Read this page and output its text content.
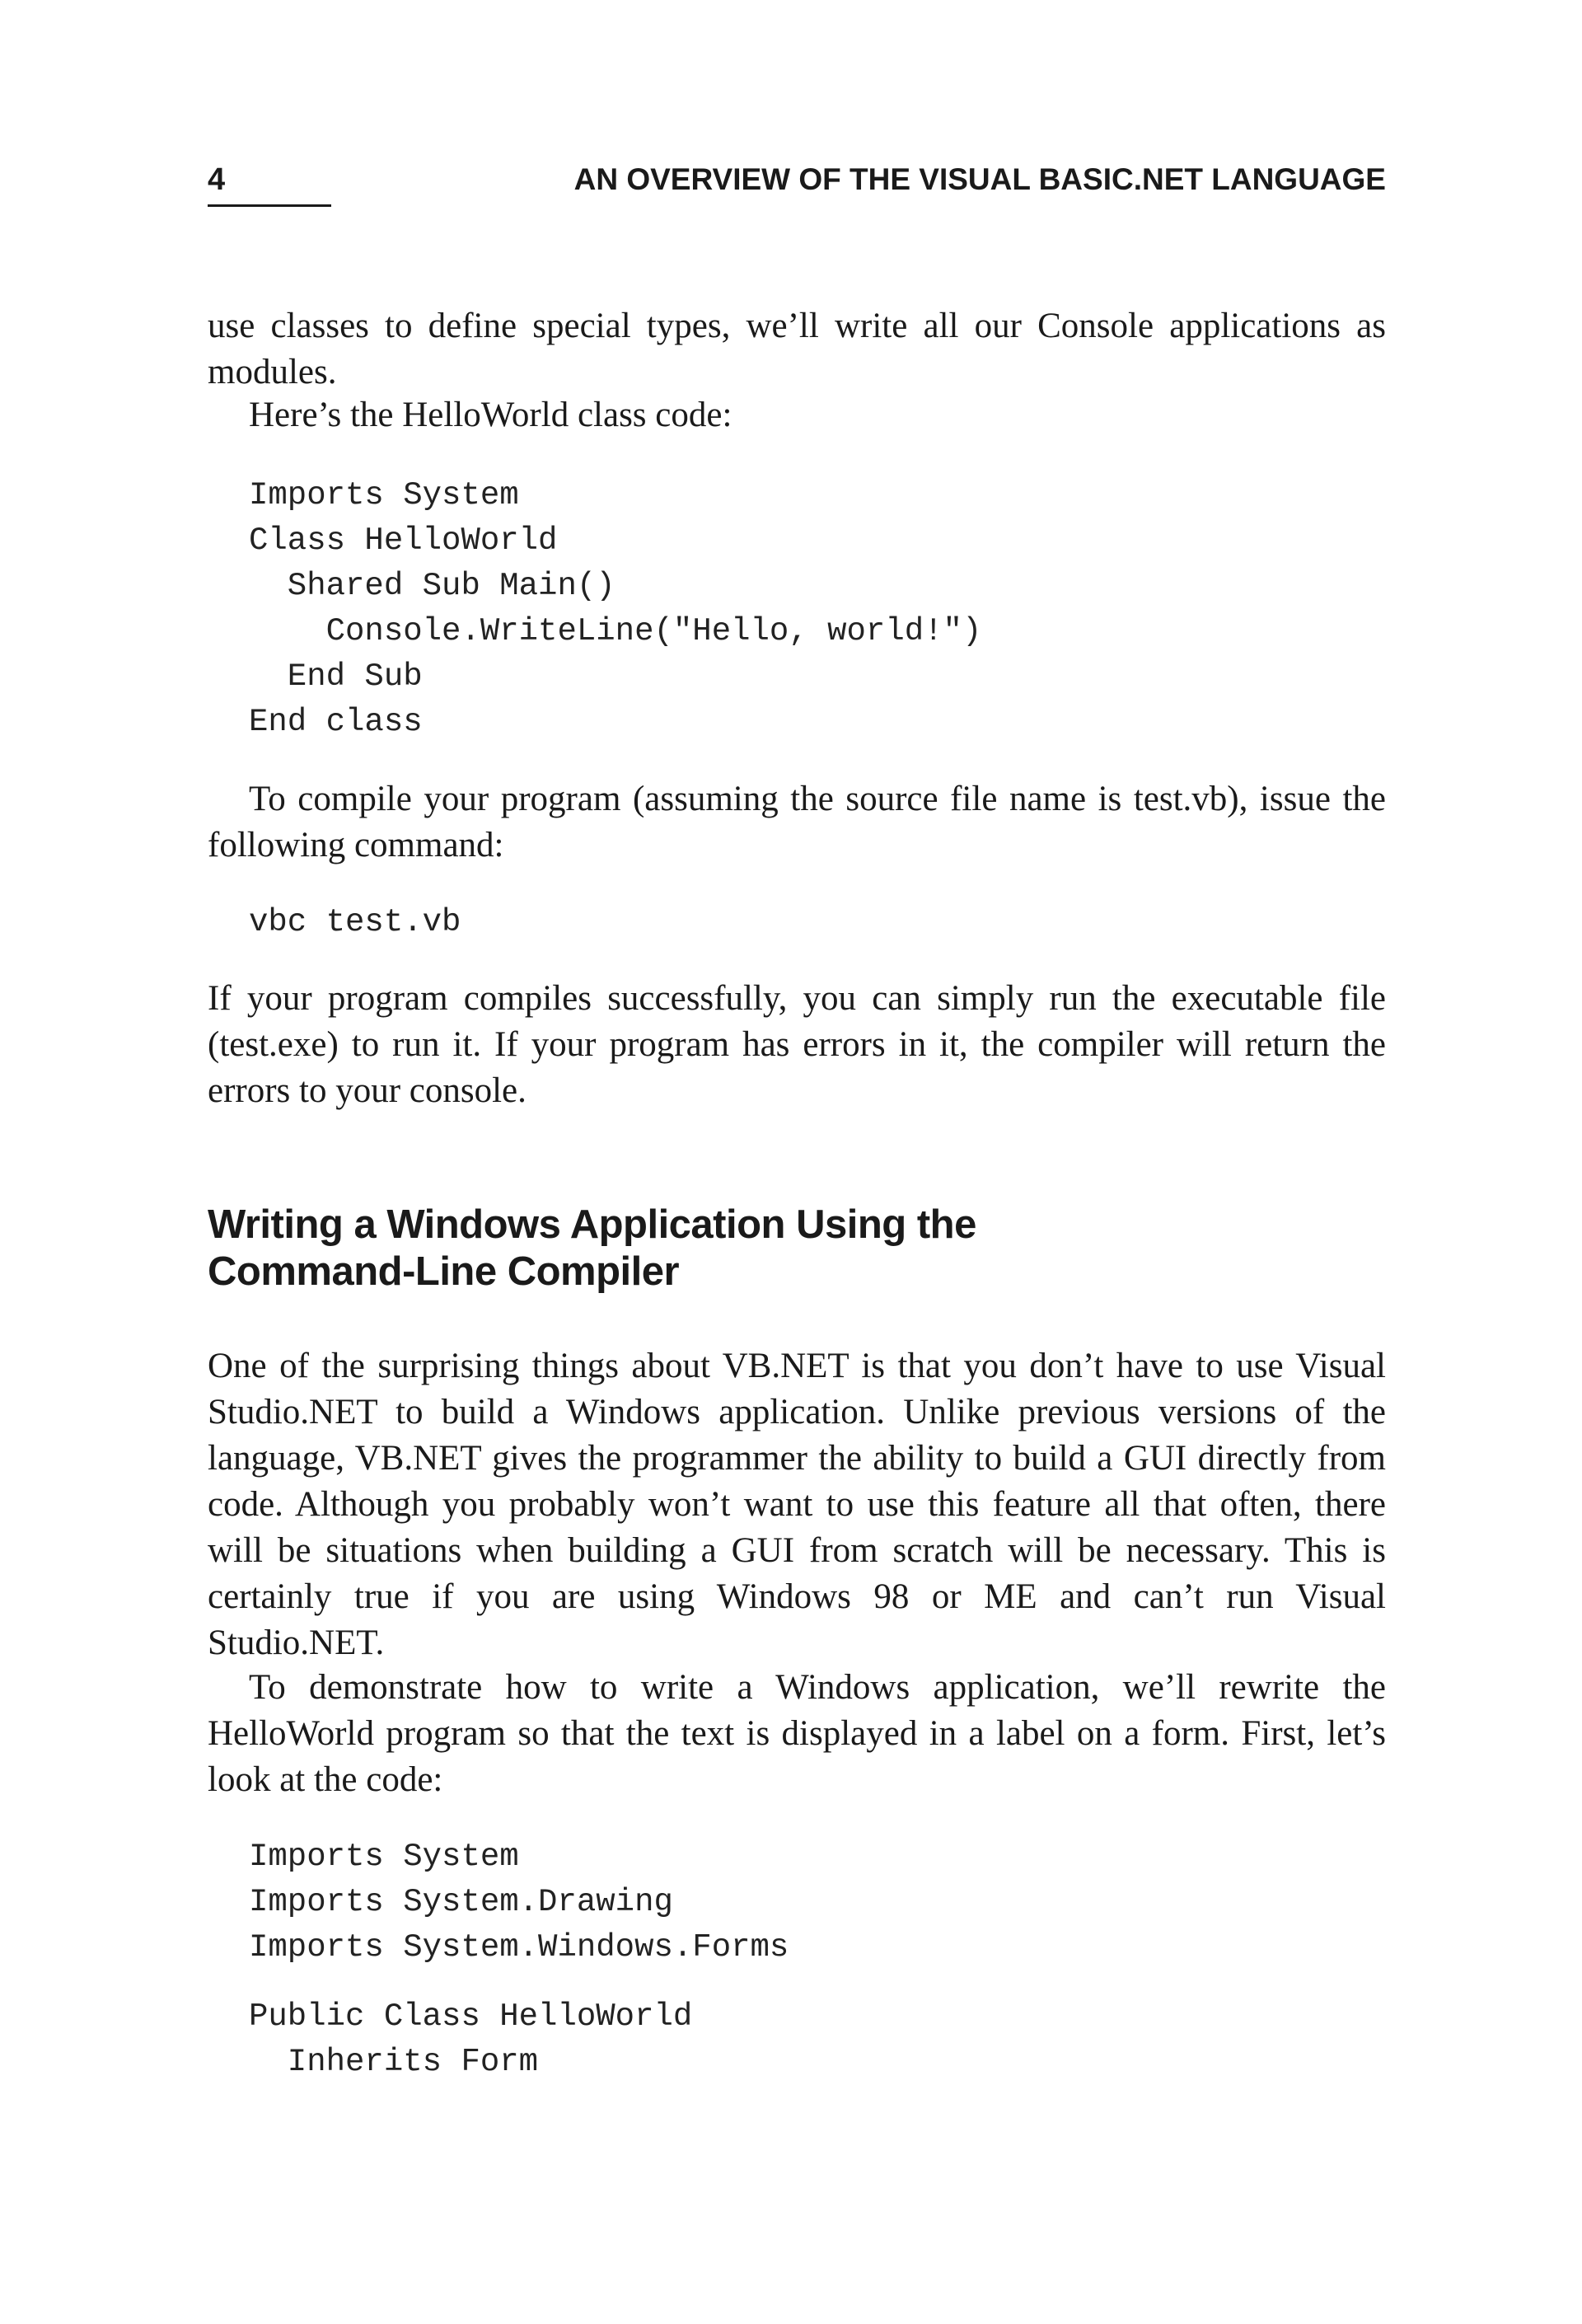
4	AN OVERVIEW OF THE VISUAL BASIC.NET LANGUAGE

use classes to define special types, we’ll write all our Console applications as modules.

Here’s the HelloWorld class code:

Imports System
Class HelloWorld
Shared Sub Main()
Console.WriteLine("Hello, world!")
End Sub
End class

To compile your program (assuming the source file name is test.vb), issue the following command:

vbc test.vb

If your program compiles successfully, you can simply run the executable file (test.exe) to run it. If your program has errors in it, the compiler will return the errors to your console.

Writing a Windows Application Using the
Command-Line Compiler

One of the surprising things about VB.NET is that you don’t have to use Visual Studio.NET to build a Windows application. Unlike previous versions of the language, VB.NET gives the programmer the ability to build a GUI directly from code. Although you probably won’t want to use this feature all that often, there will be situations when building a GUI from scratch will be necessary. This is certainly true if you are using Windows 98 or ME and can’t run Visual Studio.NET.

To demonstrate how to write a Windows application, we’ll rewrite the HelloWorld program so that the text is displayed in a label on a form. First, let’s look at the code:

Imports System
Imports System.Drawing
Imports System.Windows.Forms
Public Class HelloWorld
Inherits Form
